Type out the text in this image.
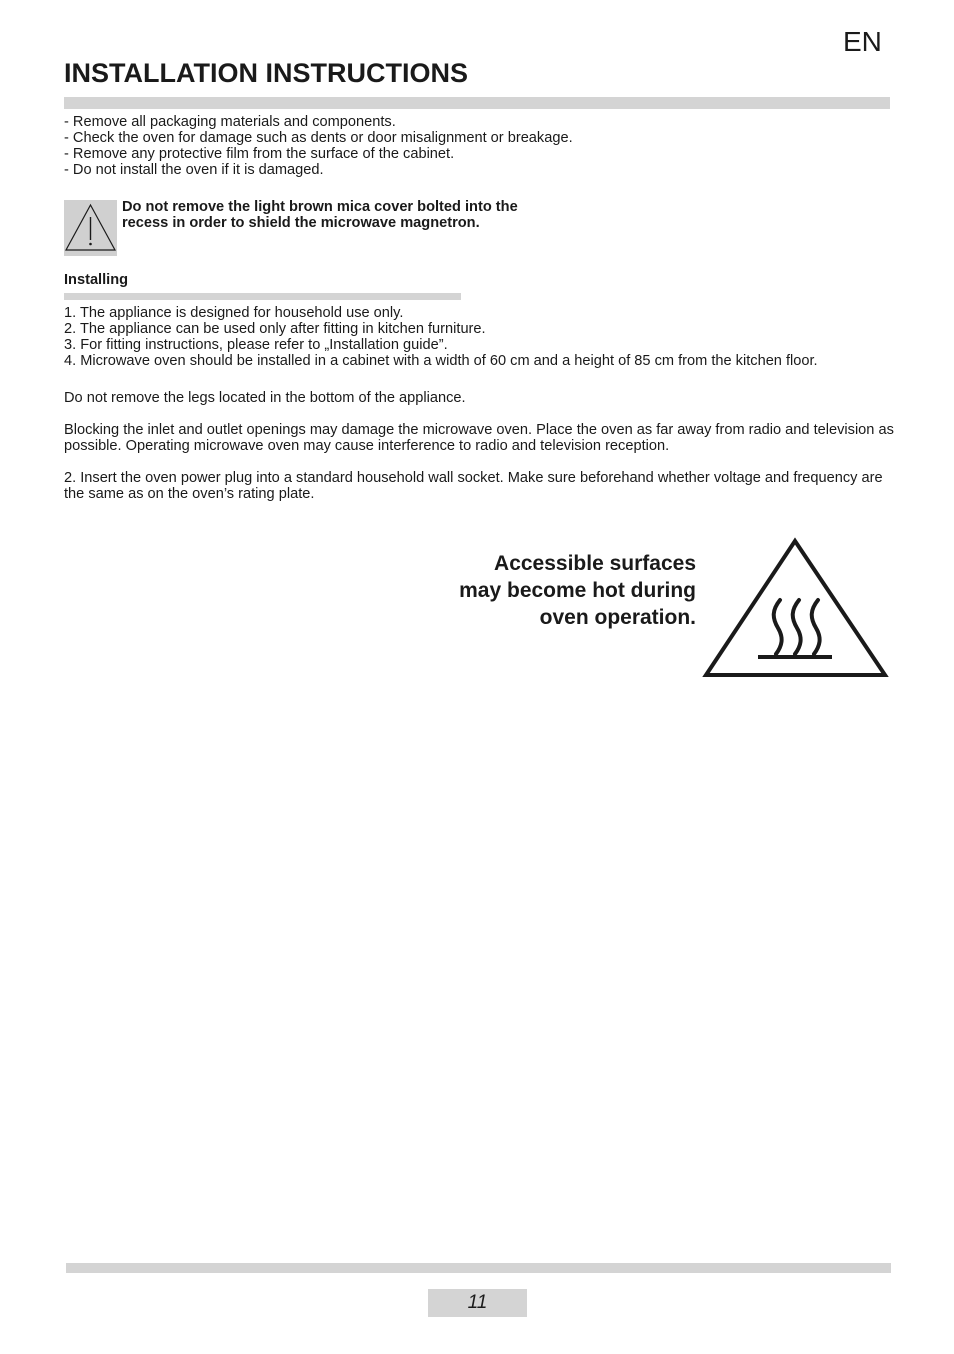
EN
INSTALLATION INSTRUCTIONS
- Remove all packaging materials and components.
- Check the oven for damage such as dents or door misalignment or breakage.
- Remove any protective film from the surface of the cabinet.
- Do not install the oven if it is damaged.
Do not remove the light brown mica cover bolted into the
recess in order to shield the microwave magnetron.
Installing
1. The appliance is designed for household use only.
2. The appliance can be used only after fitting in kitchen furniture.
3. For fitting instructions, please refer to „Installation guide”.
4. Microwave oven should be installed in a cabinet with a width of 60 cm and a height of 85 cm from the kitchen floor.

Do not remove the legs located in the bottom of the appliance.

Blocking the inlet and outlet openings may damage the microwave oven. Place the oven as far away from radio and television as possible. Operating microwave oven may cause interference to radio and television reception.

2. Insert the oven power plug into a standard household wall socket. Make sure beforehand whether voltage and frequency are the same as on the oven’s rating plate.

Accessible surfaces
may become hot during
oven operation.
11
